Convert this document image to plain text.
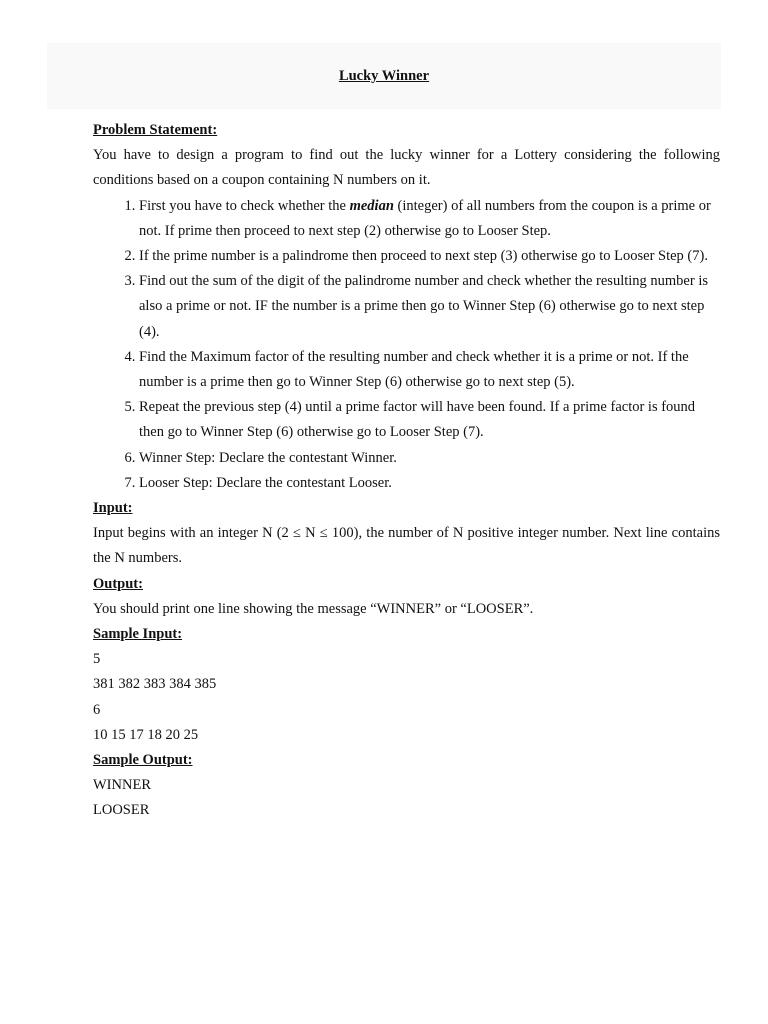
Lucky Winner
Problem Statement:
You have to design a program to find out the lucky winner for a Lottery considering the following conditions based on a coupon containing N numbers on it.
1. First you have to check whether the median (integer) of all numbers from the coupon is a prime or not. If prime then proceed to next step (2) otherwise go to Looser Step.
2. If the prime number is a palindrome then proceed to next step (3) otherwise go to Looser Step (7).
3. Find out the sum of the digit of the palindrome number and check whether the resulting number is also a prime or not. IF the number is a prime then go to Winner Step (6) otherwise go to next step (4).
4. Find the Maximum factor of the resulting number and check whether it is a prime or not. If the number is a prime then go to Winner Step (6) otherwise go to next step (5).
5. Repeat the previous step (4) until a prime factor will have been found. If a prime factor is found then go to Winner Step (6) otherwise go to Looser Step (7).
6. Winner Step: Declare the contestant Winner.
7. Looser Step: Declare the contestant Looser.
Input:
Input begins with an integer N (2 ≤ N ≤ 100), the number of N positive integer number. Next line contains the N numbers.
Output:
You should print one line showing the message “WINNER” or “LOOSER”.
Sample Input:
5
381 382 383 384 385
6
10 15 17 18 20 25
Sample Output:
WINNER
LOOSER
